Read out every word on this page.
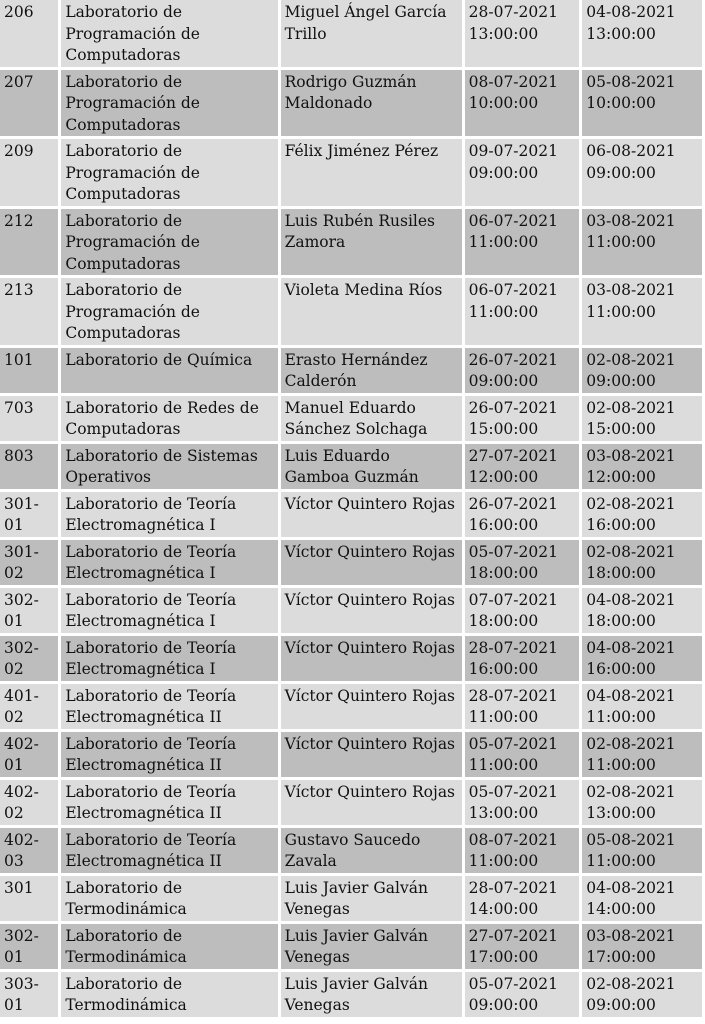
206	Laboratorio de Programación de Computadoras	Miguel Ángel García Trillo	28-07-2021 13:00:00	04-08-2021 13:00:00
207	Laboratorio de Programación de Computadoras	Rodrigo Guzmán Maldonado	08-07-2021 10:00:00	05-08-2021 10:00:00
209	Laboratorio de Programación de Computadoras	Félix Jiménez Pérez	09-07-2021 09:00:00	06-08-2021 09:00:00
212	Laboratorio de Programación de Computadoras	Luis Rubén Rusiles Zamora	06-07-2021 11:00:00	03-08-2021 11:00:00
213	Laboratorio de Programación de Computadoras	Violeta Medina Ríos	06-07-2021 11:00:00	03-08-2021 11:00:00
101	Laboratorio de Química	Erasto Hernández Calderón	26-07-2021 09:00:00	02-08-2021 09:00:00
703	Laboratorio de Redes de Computadoras	Manuel Eduardo Sánchez Solchaga	26-07-2021 15:00:00	02-08-2021 15:00:00
803	Laboratorio de Sistemas Operativos	Luis Eduardo Gamboa Guzmán	27-07-2021 12:00:00	03-08-2021 12:00:00
301-01	Laboratorio de Teoría Electromagnética I	Víctor Quintero Rojas	26-07-2021 16:00:00	02-08-2021 16:00:00
301-02	Laboratorio de Teoría Electromagnética I	Víctor Quintero Rojas	05-07-2021 18:00:00	02-08-2021 18:00:00
302-01	Laboratorio de Teoría Electromagnética I	Víctor Quintero Rojas	07-07-2021 18:00:00	04-08-2021 18:00:00
302-02	Laboratorio de Teoría Electromagnética I	Víctor Quintero Rojas	28-07-2021 16:00:00	04-08-2021 16:00:00
401-02	Laboratorio de Teoría Electromagnética II	Víctor Quintero Rojas	28-07-2021 11:00:00	04-08-2021 11:00:00
402-01	Laboratorio de Teoría Electromagnética II	Víctor Quintero Rojas	05-07-2021 11:00:00	02-08-2021 11:00:00
402-02	Laboratorio de Teoría Electromagnética II	Víctor Quintero Rojas	05-07-2021 13:00:00	02-08-2021 13:00:00
402-03	Laboratorio de Teoría Electromagnética II	Gustavo Saucedo Zavala	08-07-2021 11:00:00	05-08-2021 11:00:00
301	Laboratorio de Termodinámica	Luis Javier Galván Venegas	28-07-2021 14:00:00	04-08-2021 14:00:00
302-01	Laboratorio de Termodinámica	Luis Javier Galván Venegas	27-07-2021 17:00:00	03-08-2021 17:00:00
303-01	Laboratorio de Termodinámica	Luis Javier Galván Venegas	05-07-2021 09:00:00	02-08-2021 09:00:00
